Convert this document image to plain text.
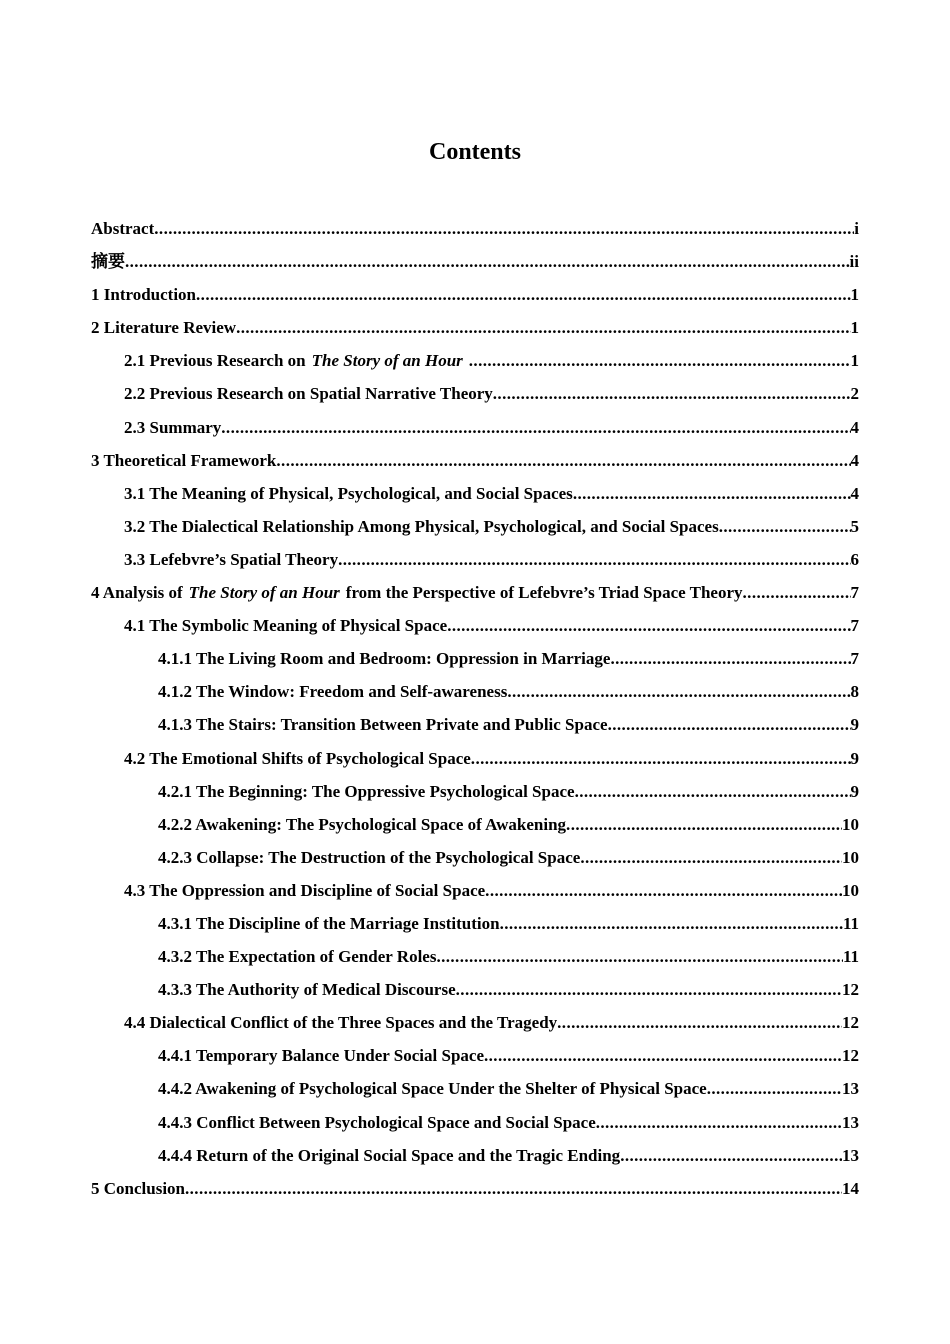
Contents
Abstract .....	i
摘要 .....	ii
1 Introduction .....	1
2 Literature Review .....	1
2.1 Previous Research on The Story of an Hour .....	1
2.2 Previous Research on Spatial Narrative Theory .....	2
2.3 Summary .....	4
3 Theoretical Framework .....	4
3.1 The Meaning of Physical, Psychological, and Social Spaces .....	4
3.2 The Dialectical Relationship Among Physical, Psychological, and Social Spaces .....	5
3.3 Lefebvre’s Spatial Theory .....	6
4 Analysis of The Story of an Hour from the Perspective of Lefebvre’s Triad Space Theory .....	7
4.1 The Symbolic Meaning of Physical Space .....	7
4.1.1 The Living Room and Bedroom: Oppression in Marriage .....	7
4.1.2 The Window: Freedom and Self-awareness .....	8
4.1.3 The Stairs: Transition Between Private and Public Space .....	9
4.2 The Emotional Shifts of Psychological Space .....	9
4.2.1 The Beginning: The Oppressive Psychological Space .....	9
4.2.2 Awakening: The Psychological Space of Awakening .....	10
4.2.3 Collapse: The Destruction of the Psychological Space .....	10
4.3 The Oppression and Discipline of Social Space .....	10
4.3.1 The Discipline of the Marriage Institution .....	11
4.3.2 The Expectation of Gender Roles .....	11
4.3.3 The Authority of Medical Discourse .....	12
4.4 Dialectical Conflict of the Three Spaces and the Tragedy .....	12
4.4.1 Temporary Balance Under Social Space .....	12
4.4.2 Awakening of Psychological Space Under the Shelter of Physical Space .....	13
4.4.3 Conflict Between Psychological Space and Social Space .....	13
4.4.4 Return of the Original Social Space and the Tragic Ending .....	13
5 Conclusion .....	14
